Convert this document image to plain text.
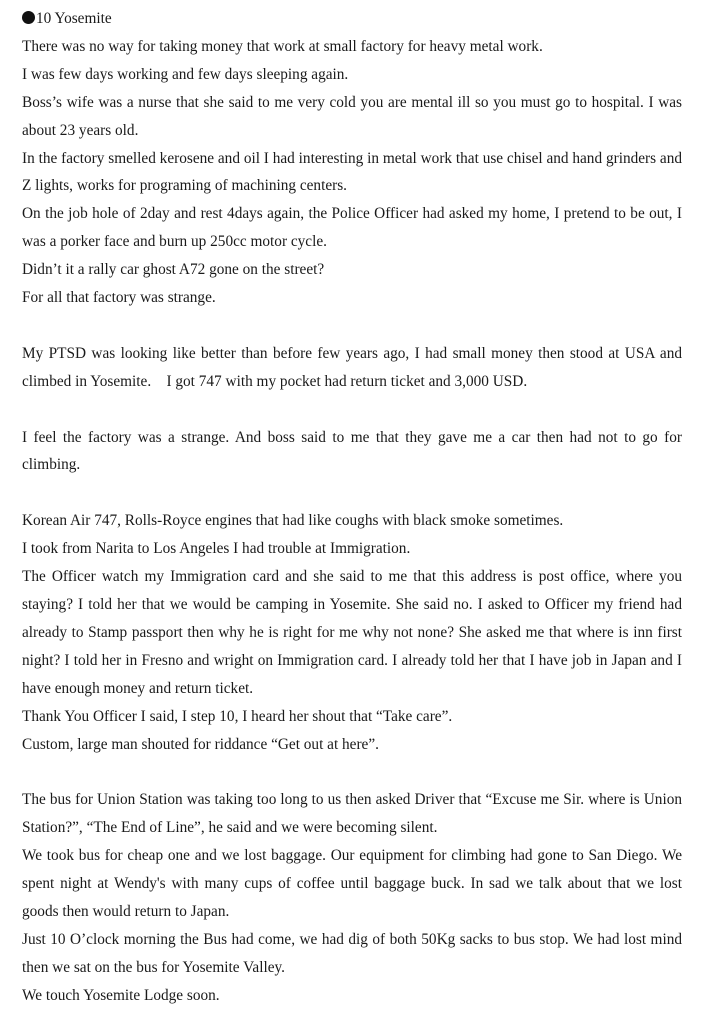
10 Yosemite

There was no way for taking money that work at small factory for heavy metal work.

I was few days working and few days sleeping again.

Boss’s wife was a nurse that she said to me very cold you are mental ill so you must go to hospital. I was about 23 years old.

In the factory smelled kerosene and oil I had interesting in metal work that use chisel and hand grinders and Z lights, works for programing of machining centers.

On the job hole of 2day and rest 4days again, the Police Officer had asked my home, I pretend to be out, I was a porker face and burn up 250cc motor cycle.

Didn’t it a rally car ghost A72 gone on the street?

For all that factory was strange.

My PTSD was looking like better than before few years ago, I had small money then stood at USA and climbed in Yosemite.　I got 747 with my pocket had return ticket and 3,000 USD.

I feel the factory was a strange. And boss said to me that they gave me a car then had not to go for climbing.

Korean Air 747, Rolls-Royce engines that had like coughs with black smoke sometimes.

I took from Narita to Los Angeles I had trouble at Immigration.

The Officer watch my Immigration card and she said to me that this address is post office, where you staying? I told her that we would be camping in Yosemite. She said no. I asked to Officer my friend had already to Stamp passport then why he is right for me why not none? She asked me that where is inn first night? I told her in Fresno and wright on Immigration card. I already told her that I have job in Japan and I have enough money and return ticket.

Thank You Officer I said, I step 10, I heard her shout that “Take care”.

Custom, large man shouted for riddance “Get out at here”.

The bus for Union Station was taking too long to us then asked Driver that “Excuse me Sir. where is Union Station?”, “The End of Line”, he said and we were becoming silent.

We took bus for cheap one and we lost baggage. Our equipment for climbing had gone to San Diego. We spent night at Wendy's with many cups of coffee until baggage buck. In sad we talk about that we lost goods then would return to Japan.

Just 10 O’clock morning the Bus had come, we had dig of both 50Kg sacks to bus stop. We had lost mind then we sat on the bus for Yosemite Valley.

We touch Yosemite Lodge soon.
